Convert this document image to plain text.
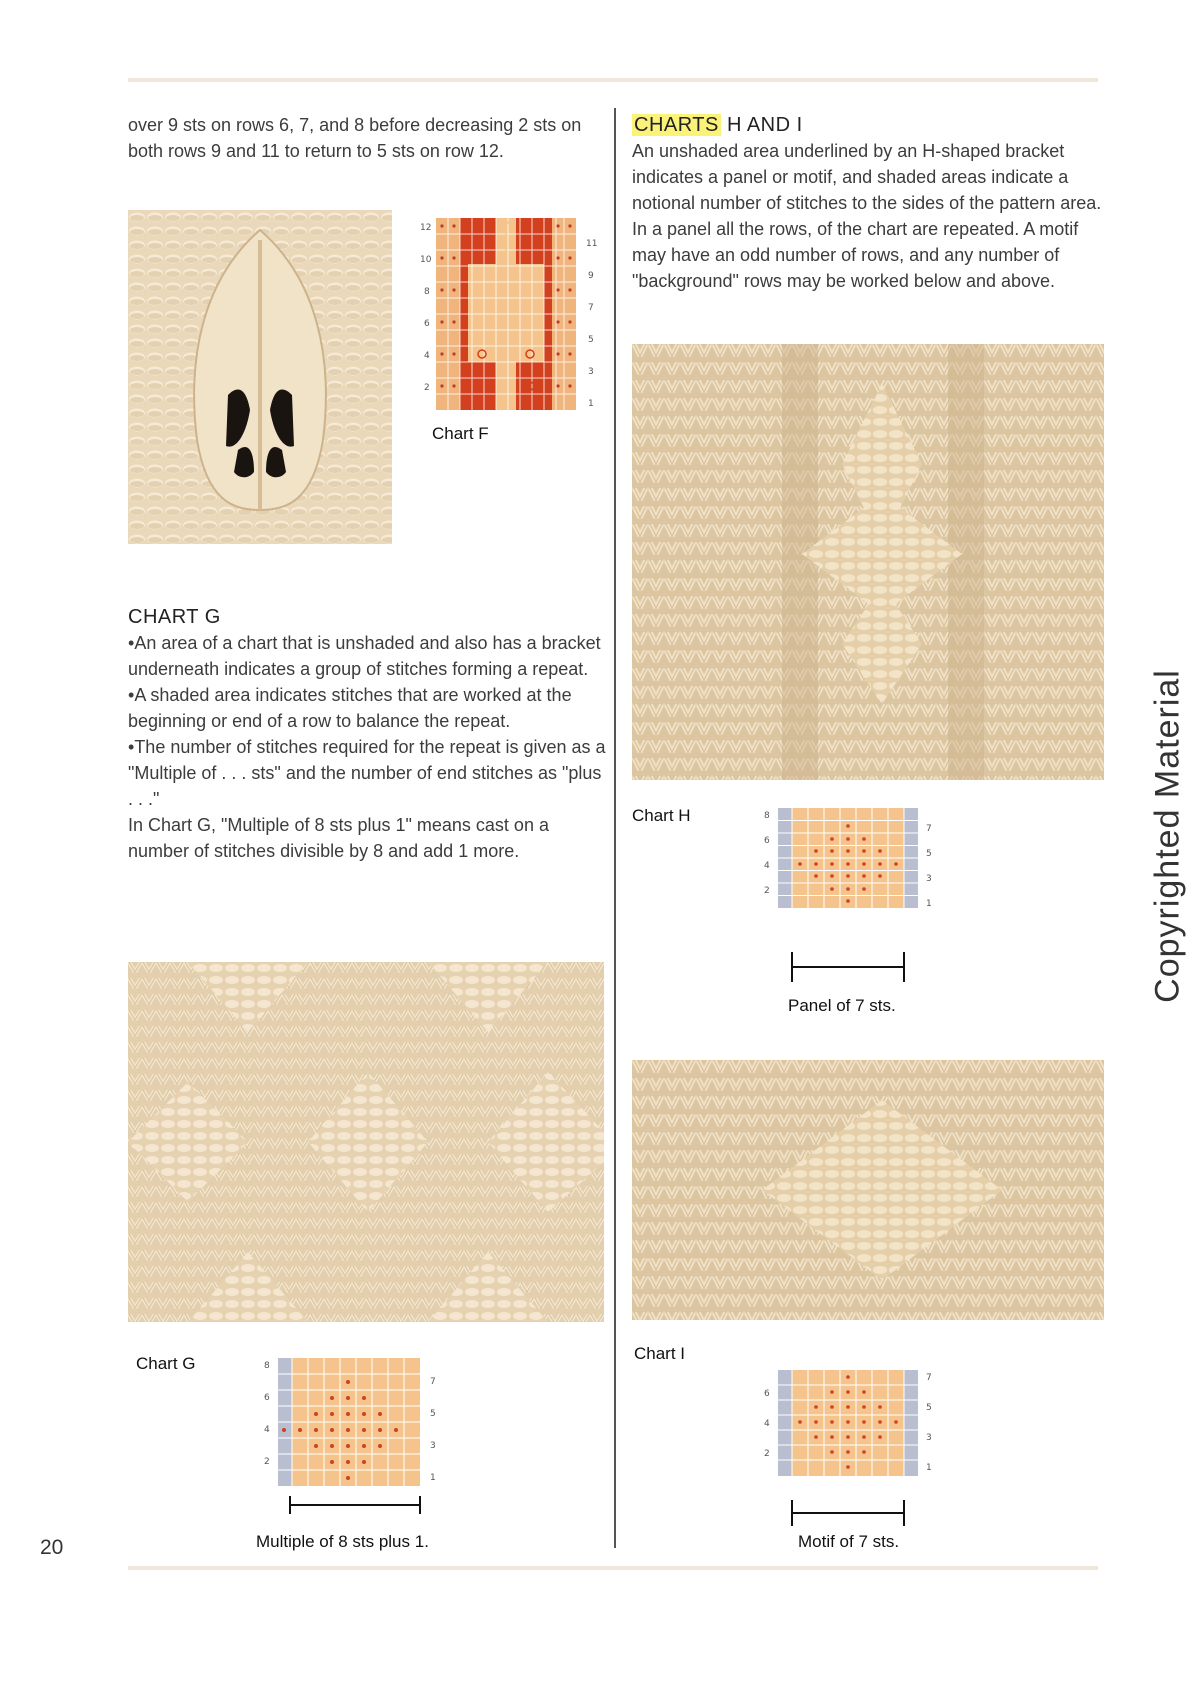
over 9 sts on rows 6, 7, and 8 before decreasing 2 sts on both rows 9 and 11 to return to 5 sts on row 12.

12
10
8
6
4
2
11
9
7
5
3
1
Chart F
CHART G

• An area of a chart that is unshaded and also has a bracket underneath indicates a group of stitches forming a repeat.

• A shaded area indicates stitches that are worked at the beginning or end of a row to balance the repeat.

• The number of stitches required for the repeat is given as a "Multiple of . . . sts" and the number of end stitches as "plus . . ."

In Chart G, "Multiple of 8 sts plus 1" means cast on a number of stitches divisible by 8 and add 1 more.

Chart G	8
6
4
2
7
5
3
1
Multiple of 8 sts plus 1.
CHARTS H AND I

An unshaded area underlined by an H-shaped bracket indicates a panel or motif, and shaded areas indicate a notional number of stitches to the sides of the pattern area. In a panel all the rows, of the chart are repeated. A motif may have an odd number of rows, and any number of "background" rows may be worked below and above.

Chart H	8
6
4
2
7
5
3
1
Panel of 7 sts.
Chart I
6
4
2
7
5
3
1
Motif of 7 sts.
20
Copyrighted Material
